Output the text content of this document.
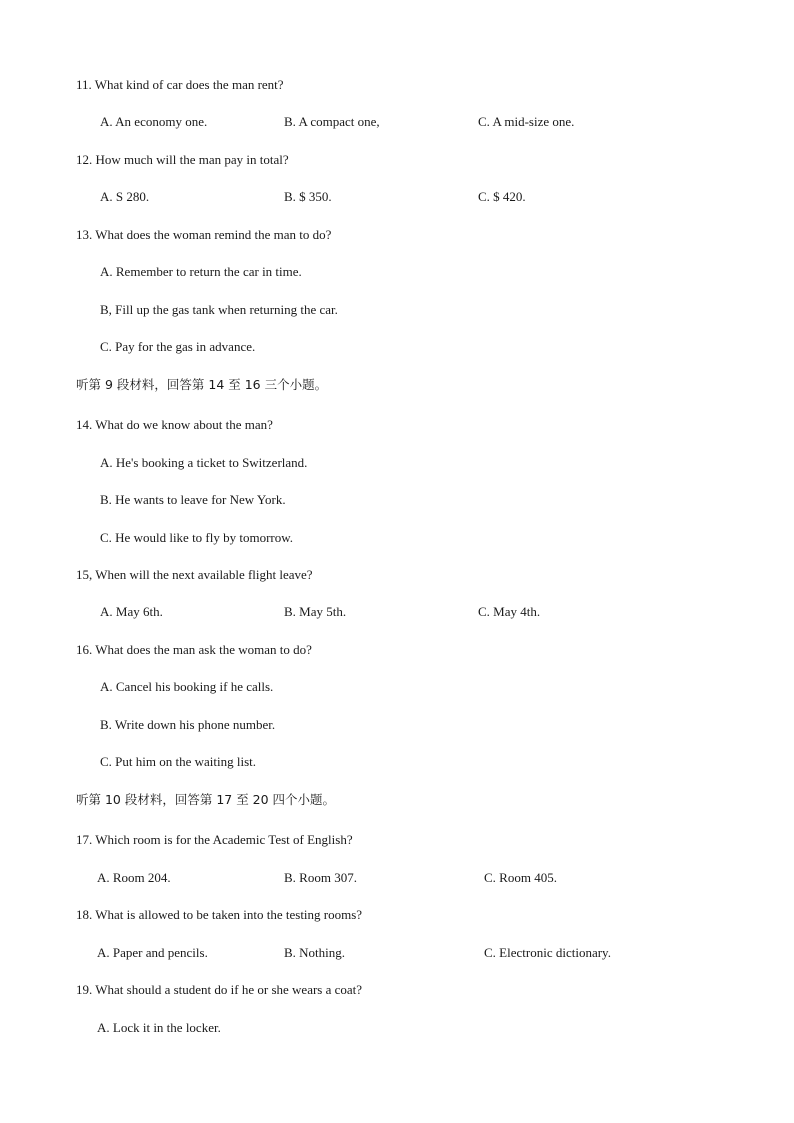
11. What kind of car does the man rent?
A. An economy one.	B. A compact one,	C. A mid-size one.
12. How much will the man pay in total?
A. S 280.	B. $ 350.	C. $ 420.
13. What does the woman remind the man to do?
A. Remember to return the car in time.
B, Fill up the gas tank when returning the car.
C. Pay for the gas in advance.
听第 9 段材料，回答第 14 至 16 三个小题。
14. What do we know about the man?
A. He's booking a ticket to Switzerland.
B. He wants to leave for New York.
C. He would like to fly by tomorrow.
15, When will the next available flight leave?
A. May 6th.	B. May 5th.	C. May 4th.
16. What does the man ask the woman to do?
A. Cancel his booking if he calls.
B. Write down his phone number.
C. Put him on the waiting list.
听第 10 段材料，回答第 17 至 20 四个小题。
17. Which room is for the Academic Test of English?
A. Room 204.	B. Room 307.	C. Room 405.
18. What is allowed to be taken into the testing rooms?
A. Paper and pencils.	B. Nothing.	C. Electronic dictionary.
19. What should a student do if he or she wears a coat?
A. Lock it in the locker.
